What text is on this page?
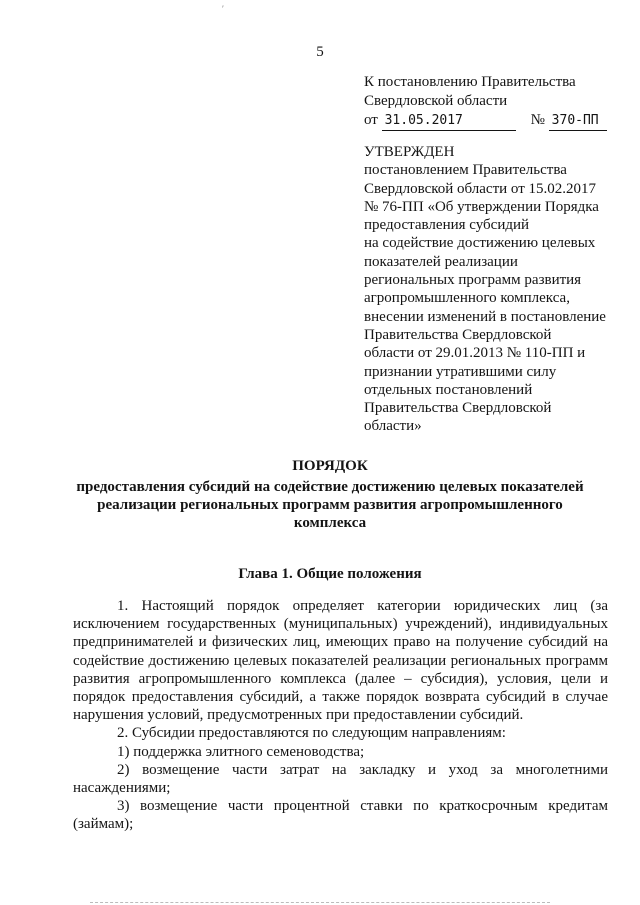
′
5
К постановлению Правительства
Свердловской области
от 31.05.2017	№ 370-ПП
УТВЕРЖДЕН
постановлением Правительства
Свердловской области от 15.02.2017
№ 76-ПП «Об утверждении Порядка
предоставления субсидий
на содействие достижению целевых
показателей реализации
региональных программ развития
агропромышленного комплекса,
внесении изменений в постановление
Правительства Свердловской
области от 29.01.2013 № 110-ПП и
признании утратившими силу
отдельных постановлений
Правительства Свердловской
области»
ПОРЯДОК
предоставления субсидий на содействие достижению целевых показателей реализации региональных программ развития агропромышленного комплекса
Глава 1. Общие положения

1. Настоящий порядок определяет категории юридических лиц (за исключением государственных (муниципальных) учреждений), индивидуальных предпринимателей и физических лиц, имеющих право на получение субсидий на содействие достижению целевых показателей реализации региональных программ развития агропромышленного комплекса (далее – субсидия), условия, цели и порядок предоставления субсидий, а также порядок возврата субсидий в случае нарушения условий, предусмотренных при предоставлении субсидий.

2. Субсидии предоставляются по следующим направлениям:

1) поддержка элитного семеноводства;

2) возмещение части затрат на закладку и уход за многолетними насаждениями;

3) возмещение части процентной ставки по краткосрочным кредитам (займам);
